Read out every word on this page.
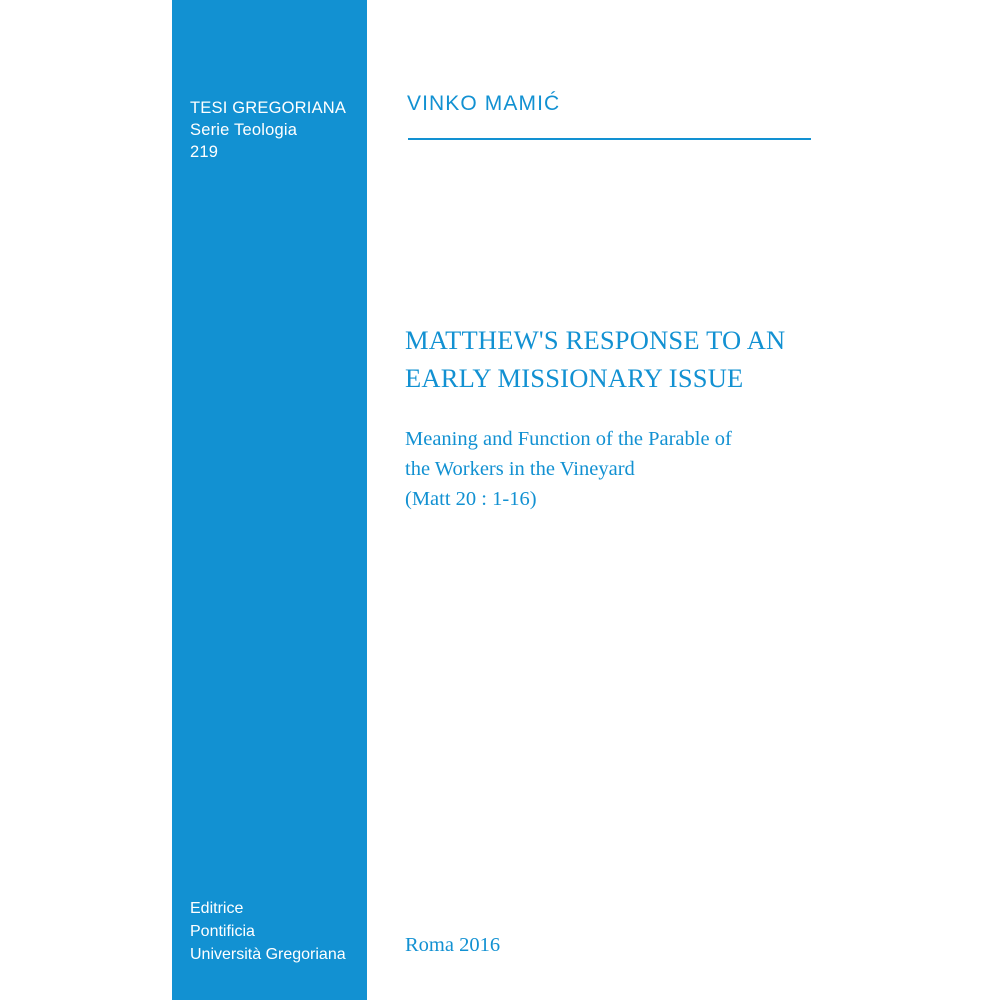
TESI GREGORIANA
Serie Teologia
219
Editrice
Pontificia
Università Gregoriana
VINKO MAMIĆ
MATTHEW'S RESPONSE TO AN
EARLY MISSIONARY ISSUE

Meaning and Function of the Parable of
the Workers in the Vineyard
(Matt 20 : 1-16)

Roma 2016
